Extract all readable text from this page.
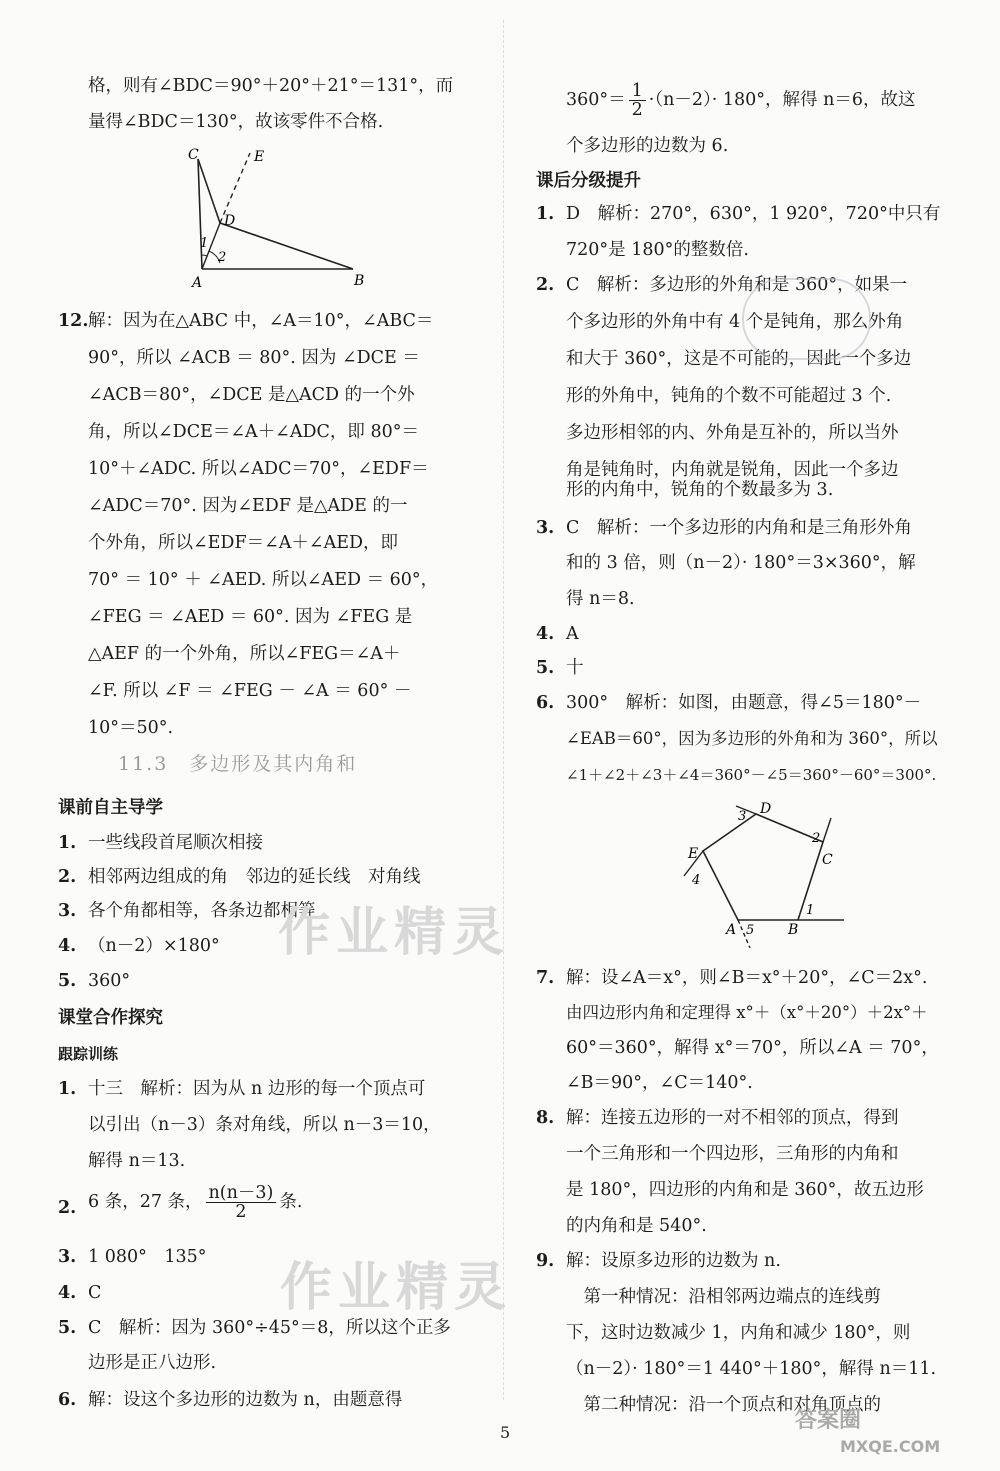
格，则有∠BDC＝90°＋20°＋21°＝131°，而
量得∠BDC＝130°，故该零件不合格.
C	E
D
1
2
A	B
12. 解：因为在△ABC 中，∠A＝10°，∠ABC＝
90°，所以 ∠ACB ＝ 80°. 因为 ∠DCE ＝
∠ACB＝80°，∠DCE 是△ACD 的一个外
角，所以∠DCE＝∠A＋∠ADC，即 80°＝
10°＋∠ADC. 所以∠ADC＝70°，∠EDF＝
∠ADC＝70°. 因为∠EDF 是△ADE 的一
个外角，所以∠EDF＝∠A＋∠AED，即
70° ＝ 10° ＋ ∠AED. 所以∠AED ＝ 60°，
∠FEG ＝ ∠AED ＝ 60°. 因为 ∠FEG 是
△AEF 的一个外角，所以∠FEG＝∠A＋
∠F. 所以 ∠F ＝ ∠FEG － ∠A ＝ 60° －
10°＝50°.
11.3　多边形及其内角和
课前自主导学
1. 一些线段首尾顺次相接
2. 相邻两边组成的角　邻边的延长线　对角线
3. 各个角都相等，各条边都相等
4. （n－2）×180°
5. 360°
课堂合作探究
跟踪训练
1. 十三　解析：因为从 n 边形的每一个顶点可
以引出（n－3）条对角线，所以 n－3＝10，
解得 n＝13.
2. 6 条，27 条， $\frac{n(n-3)}{2}$ 条.
3. 1 080°　135°
4. C
5. C　解析：因为 360°÷45°＝8，所以这个正多
边形是正八边形.
6. 解：设这个多边形的边数为 n，由题意得
$360^\circ= \frac{1}{2} \cdot(n-2)\cdot 180^\circ$，解得 n＝6，故这
个多边形的边数为 6.
课后分级提升
1. D　解析：270°，630°，1 920°，720°中只有
720°是 180°的整数倍.
2. C　解析：多边形的外角和是 360°，如果一
个多边形的外角中有 4 个是钝角，那么外角
和大于 360°，这是不可能的，因此一个多边
形的外角中，钝角的个数不可能超过 3 个.
多边形相邻的内、外角是互补的，所以当外
角是钝角时，内角就是锐角，因此一个多边
形的内角中，锐角的个数最多为 3.
3. C　解析：一个多边形的内角和是三角形外角
和的 3 倍，则（n－2）· 180°＝3×360°，解
得 n＝8.
4. A
5. 十
6. 300°　解析：如图，由题意，得∠5＝180°－
∠EAB＝60°，因为多边形的外角和为 360°，所以
∠1＋∠2＋∠3＋∠4＝360°－∠5＝360°－60°＝300°.
D
3
2
C
E
4
1
A 5 B
7. 解：设∠A＝x°，则∠B＝x°＋20°，∠C＝2x°.
由四边形内角和定理得 x°＋（x°＋20°）＋2x°＋
60°＝360°，解得 x°＝70°，所以∠A ＝ 70°，
∠B＝90°，∠C＝140°.
8. 解：连接五边形的一对不相邻的顶点，得到
一个三角形和一个四边形，三角形的内角和
是 180°，四边形的内角和是 360°，故五边形
的内角和是 540°.
9. 解：设原多边形的边数为 n.
　第一种情况：沿相邻两边端点的连线剪
下，这时边数减少 1，内角和减少 180°，则
（n－2）· 180°＝1 440°＋180°，解得 n＝11.
　第二种情况：沿一个顶点和对角顶点的
作业精灵
作业精灵
5	答案圈
MXQE.COM
